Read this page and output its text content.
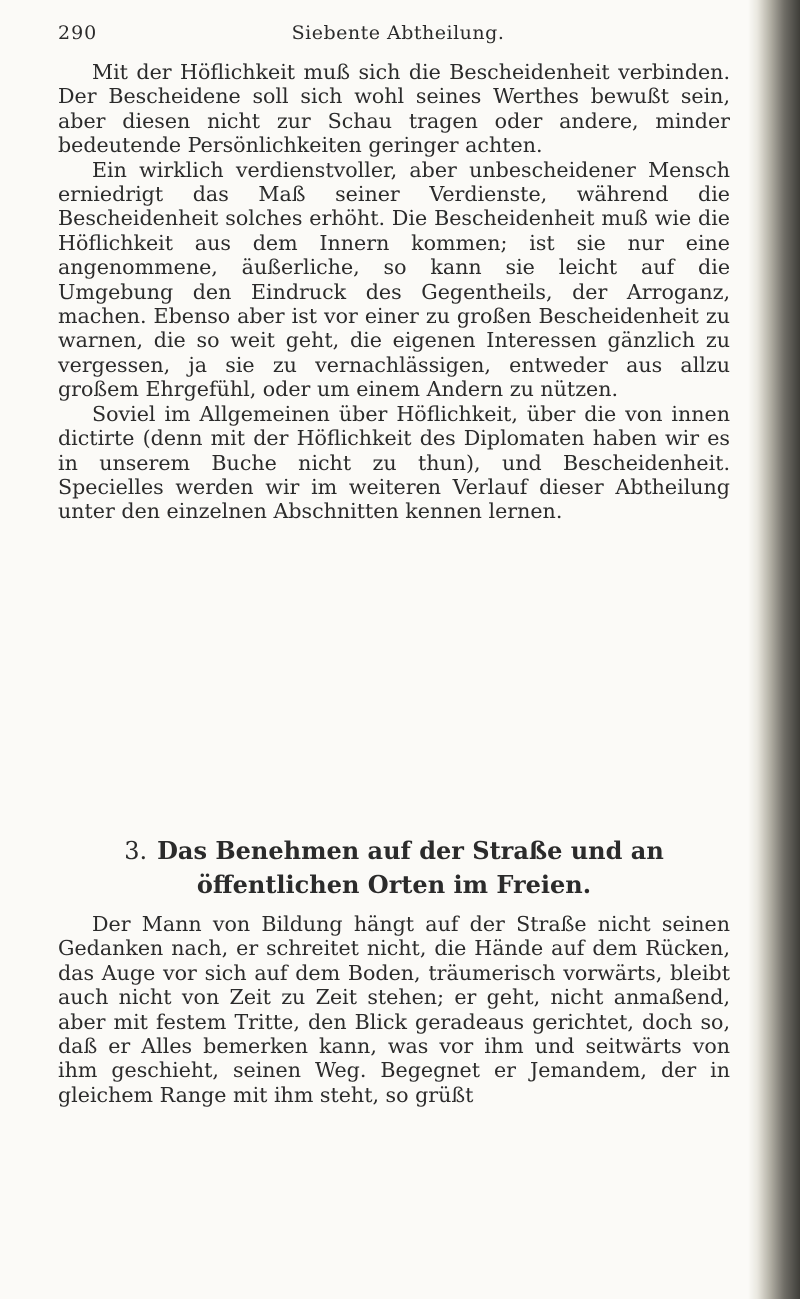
290	Siebente Abtheilung.

Mit der Höflichkeit muß sich die Bescheidenheit verbinden. Der Bescheidene soll sich wohl seines Werthes bewußt sein, aber diesen nicht zur Schau tragen oder andere, minder bedeutende Persönlichkeiten geringer achten.

Ein wirklich verdienstvoller, aber unbescheidener Mensch erniedrigt das Maß seiner Verdienste, während die Bescheidenheit solches erhöht. Die Bescheidenheit muß wie die Höflichkeit aus dem Innern kommen; ist sie nur eine angenommene, äußerliche, so kann sie leicht auf die Umgebung den Eindruck des Gegentheils, der Arroganz, machen. Ebenso aber ist vor einer zu großen Bescheidenheit zu warnen, die so weit geht, die eigenen Interessen gänzlich zu vergessen, ja sie zu vernachlässigen, entweder aus allzu großem Ehrgefühl, oder um einem Andern zu nützen.

Soviel im Allgemeinen über Höflichkeit, über die von innen dictirte (denn mit der Höflichkeit des Diplomaten haben wir es in unserem Buche nicht zu thun), und Bescheidenheit. Specielles werden wir im weiteren Verlauf dieser Abtheilung unter den einzelnen Abschnitten kennen lernen.

3. Das Benehmen auf der Straße und an öffentlichen Orten im Freien.

Der Mann von Bildung hängt auf der Straße nicht seinen Gedanken nach, er schreitet nicht, die Hände auf dem Rücken, das Auge vor sich auf dem Boden, träumerisch vorwärts, bleibt auch nicht von Zeit zu Zeit stehen; er geht, nicht anmaßend, aber mit festem Tritte, den Blick geradeaus gerichtet, doch so, daß er Alles bemerken kann, was vor ihm und seitwärts von ihm geschieht, seinen Weg. Begegnet er Jemandem, der in gleichem Range mit ihm steht, so grüßt
